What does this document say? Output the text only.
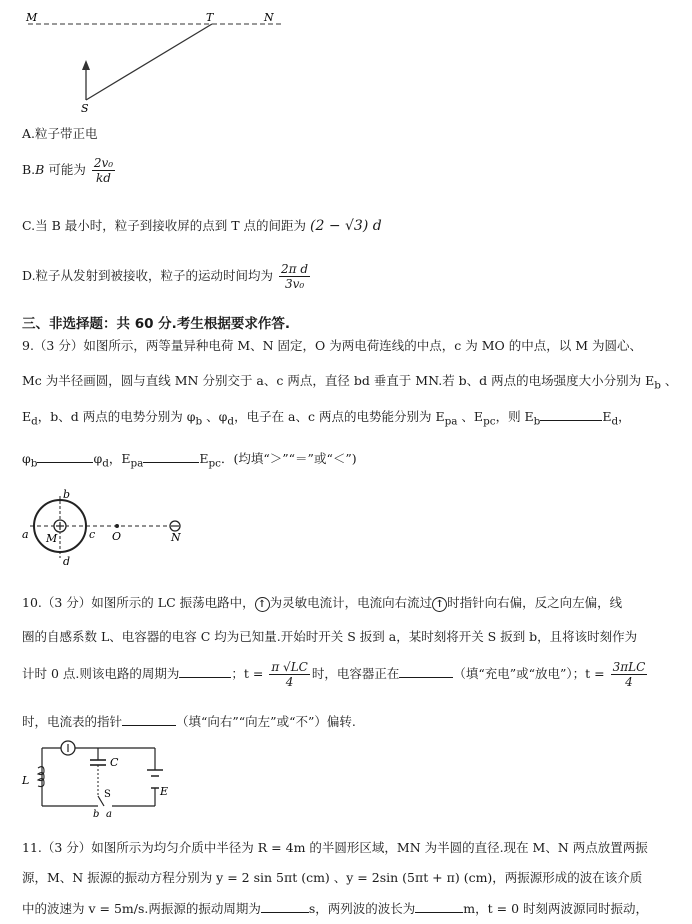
M	T	N
S
A.粒子带正电
B.B 可能为 $\frac{\text{2v₀}}{kd}$
C.当 B 最小时，粒子到接收屏的点到 T 点的间距为 (2 − √3) d
D.粒子从发射到被接收，粒子的运动时间均为 $\frac{\text{2π d}}{\text{3v₀}}$
三、非选择题：共 60 分.考生根据要求作答.
9.（3 分）如图所示，两等量异种电荷 M、N 固定，O 为两电荷连线的中点，c 为 MO 的中点，以 M 为圆心、
Mc 为半径画圆，圆与直线 MN 分别交于 a、c 两点，直径 bd 垂直于 MN.若 b、d 两点的电场强度大小分别为 $E_b$ 、
$E_d$，b、d 两点的电势分别为 $\varphi_b$ 、$\varphi_d$，电子在 a、c 两点的电势能分别为 $E_{pa}$ 、$E_{pc}$，则 $E_b$	$E_d$，
$\varphi_b$	$\varphi_d$，$E_{pa}$	$E_{pc}$．(均填“＞”“＝”或“＜”)
b
d
a M	c O	N
10.（3 分）如图所示的 LC 振荡电路中， ↑ 为灵敏电流计，电流向右流过 ↑ 时指针向右偏，反之向左偏，线
圈的自感系数 L、电容器的电容 C 均为已知量.开始时开关 S 扳到 a，某时刻将开关 S 扳到 b，且将该时刻作为
计时 0 点.则该电路的周期为	；$t = \frac{\pi √LC}{4}$ 时，电容器正在	（填“充电”或“放电”）；$t = \frac{\text{3πLC}}{4}$
时，电流表的指针	（填“向右”“向左”或“不”）偏转.
L
C
S	E
b a
11.（3 分）如图所示为均匀介质中半径为 R = 4m 的半圆形区域，MN 为半圆的直径.现在 M、N 两点放置两振
源，M、N 振源的振动方程分别为 y = 2 sin 5πt (cm) 、y = 2sin (5πt + π) (cm)，两振源形成的波在该介质
中的波速为 v = 5m/s.两振源的振动周期为	s，两列波的波长为	m，t = 0 时刻两波源同时振动，
